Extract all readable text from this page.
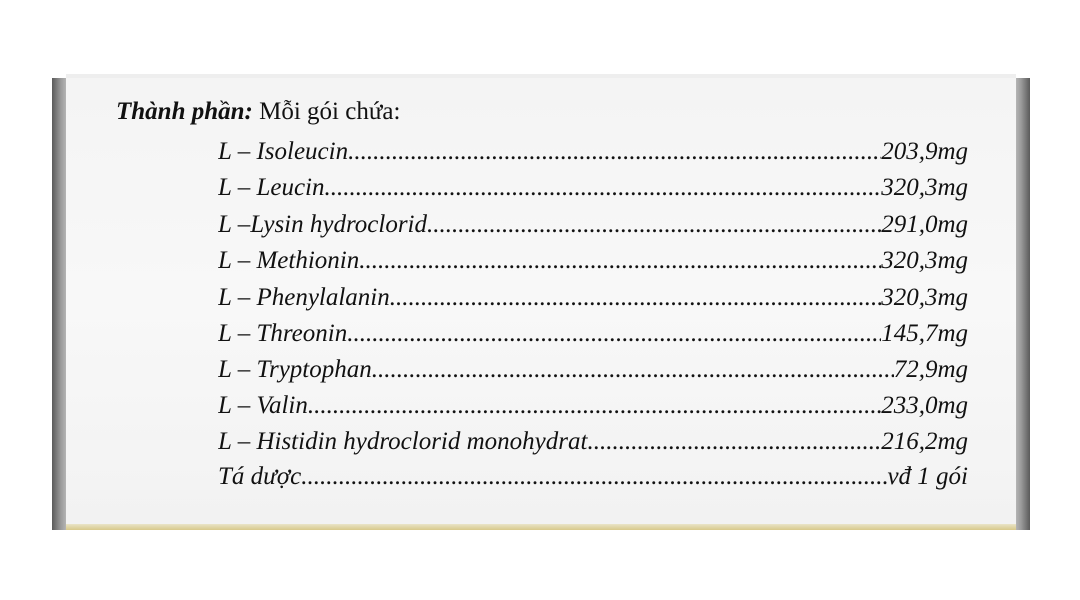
Thành phần: Mỗi gói chứa:
L – Isoleucin .....	203,9mg
L – Leucin .....	320,3mg
L –Lysin hydroclorid .....	291,0mg
L – Methionin .....	320,3mg
L – Phenylalanin .....	320,3mg
L – Threonin .....	145,7mg
L – Tryptophan .....	72,9mg
L – Valin .....	233,0mg
L – Histidin hydroclorid monohydrat .....	216,2mg
Tá dược .....	vđ 1 gói
